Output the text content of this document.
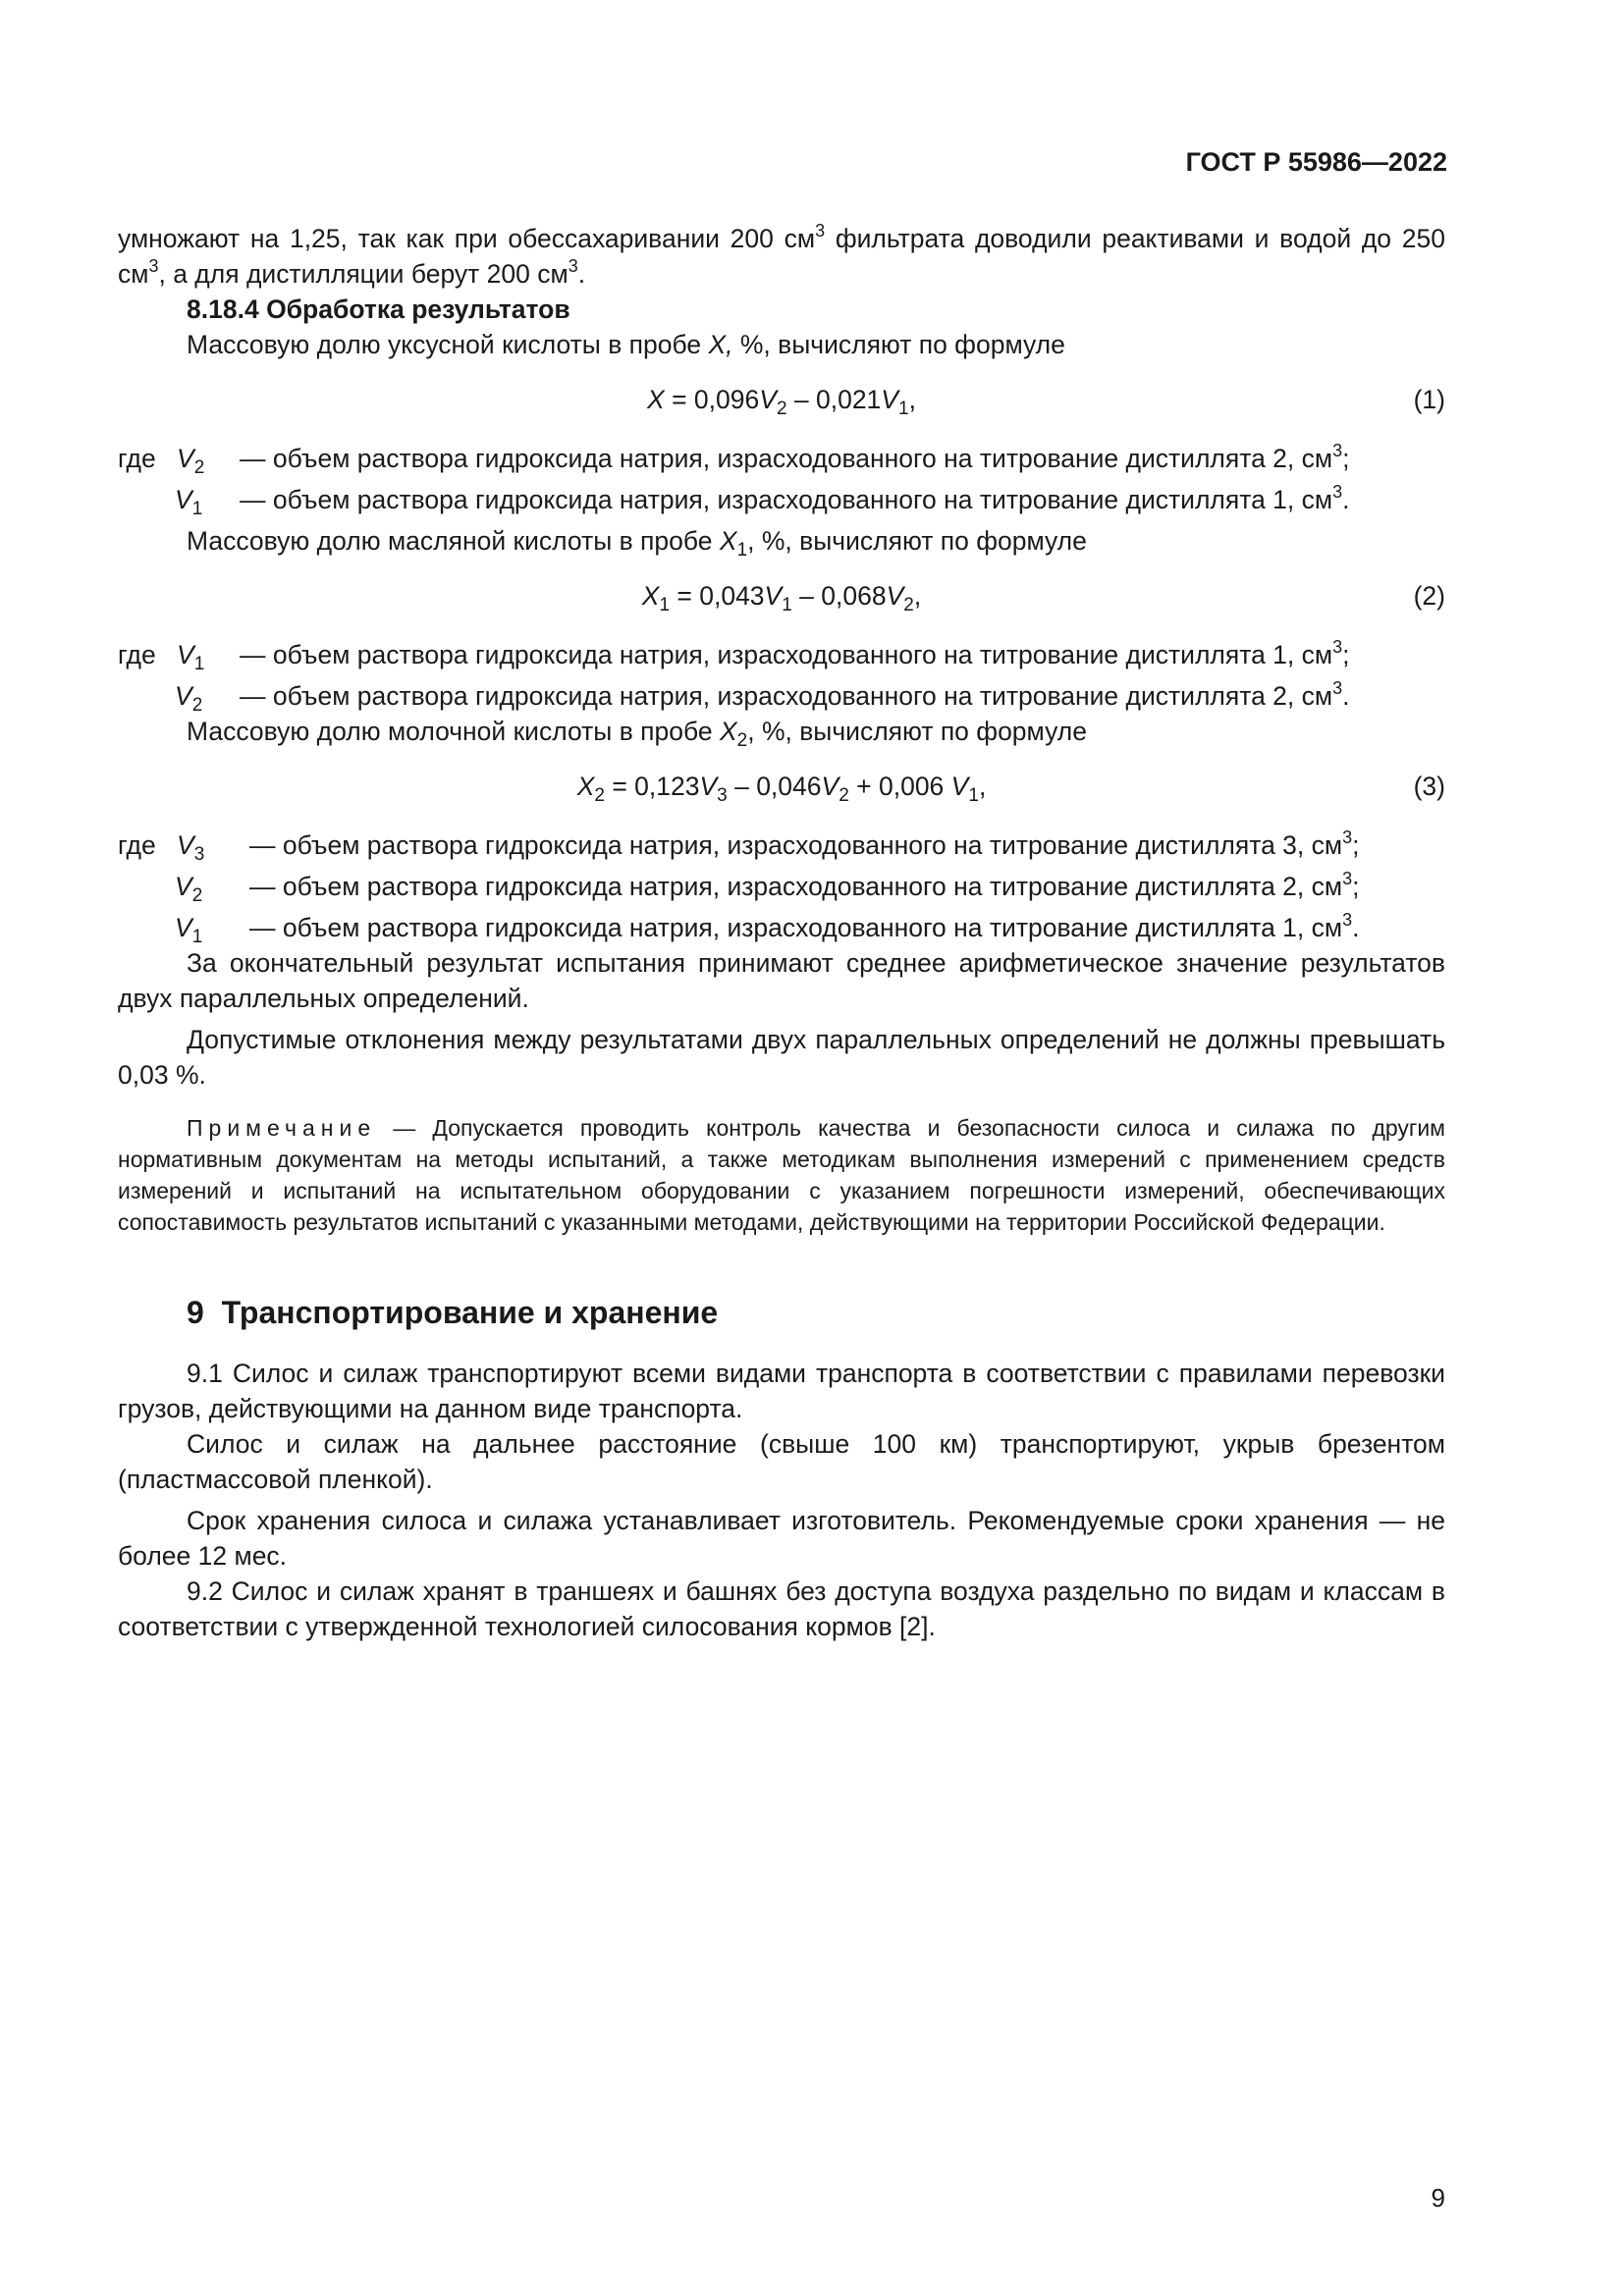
ГОСТ Р 55986—2022

умножают на 1,25, так как при обессахаривании 200 $см^3$ фильтрата доводили реактивами и водой до 250 $см^3$, а для дистилляции берут 200 $см^3$.

8.18.4 Обработка результатов

Массовую долю уксусной кислоты в пробе X, %, вычисляют по формуле

$X = 0,096V_2 - 0,021V_1$,	(1)
где $V_2$ — объем раствора гидроксида натрия, израсходованного на титрование дистиллята 2, $см^3$;
$V_1$ — объем раствора гидроксида натрия, израсходованного на титрование дистиллята 1, $см^3$.

Массовую долю масляной кислоты в пробе $X_1$, %, вычисляют по формуле

$X_1 = 0,043V_1 - 0,068V_2$,	(2)
где $V_1$ — объем раствора гидроксида натрия, израсходованного на титрование дистиллята 1, $см^3$;
$V_2$ — объем раствора гидроксида натрия, израсходованного на титрование дистиллята 2, $см^3$.

Массовую долю молочной кислоты в пробе $X_2$, %, вычисляют по формуле

$X_2 = 0,123V_3 - 0,046V_2 + 0,006$ $V_1$,	(3)
где $V_3$ — объем раствора гидроксида натрия, израсходованного на титрование дистиллята 3, $см^3$;
$V_2$ — объем раствора гидроксида натрия, израсходованного на титрование дистиллята 2, $см^3$;
$V_1$ — объем раствора гидроксида натрия, израсходованного на титрование дистиллята 1, $см^3$.

За окончательный результат испытания принимают среднее арифметическое значение результатов двух параллельных определений.

Допустимые отклонения между результатами двух параллельных определений не должны превышать 0,03 %.

Примечание — Допускается проводить контроль качества и безопасности силоса и силажа по другим нормативным документам на методы испытаний, а также методикам выполнения измерений с применением средств измерений и испытаний на испытательном оборудовании с указанием погрешности измерений, обеспечивающих сопоставимость результатов испытаний с указанными методами, действующими на территории Российской Федерации.

9 Транспортирование и хранение

9.1 Силос и силаж транспортируют всеми видами транспорта в соответствии с правилами перевозки грузов, действующими на данном виде транспорта.

Силос и силаж на дальнее расстояние (свыше 100 км) транспортируют, укрыв брезентом (пластмассовой пленкой).

Срок хранения силоса и силажа устанавливает изготовитель. Рекомендуемые сроки хранения — не более 12 мес.

9.2 Силос и силаж хранят в траншеях и башнях без доступа воздуха раздельно по видам и классам в соответствии с утвержденной технологией силосования кормов [2].

9
